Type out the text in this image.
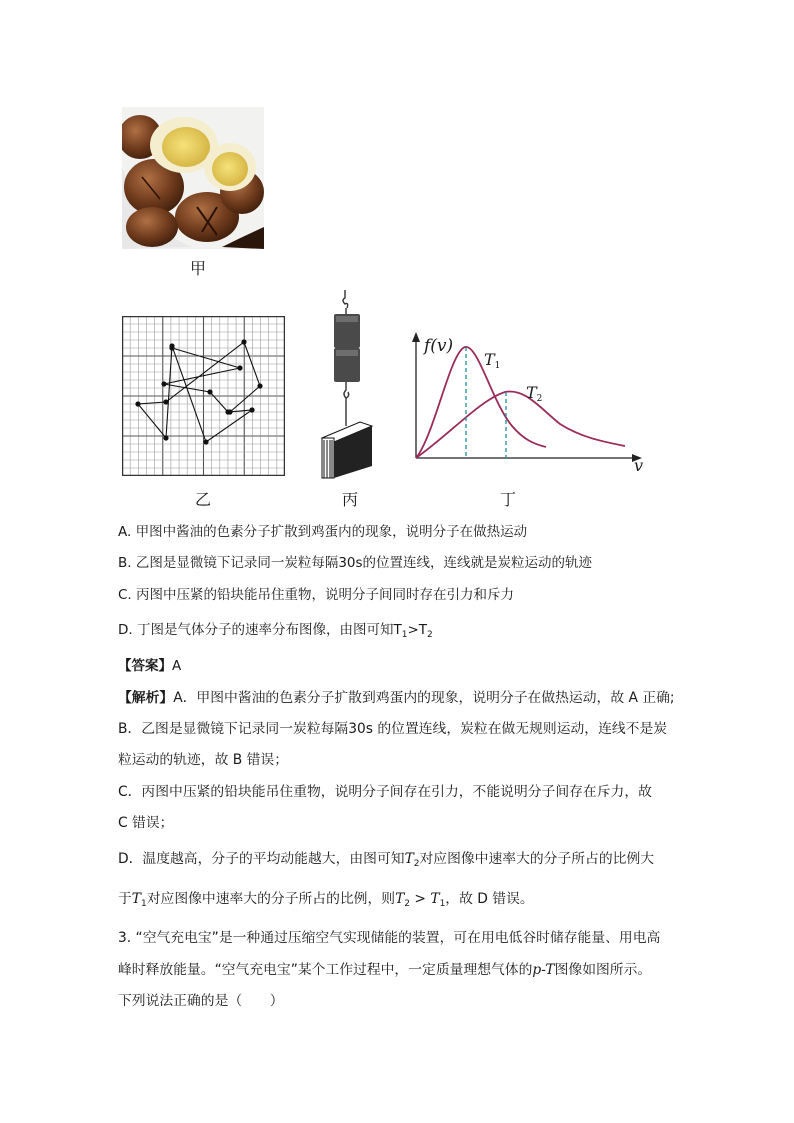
甲
乙	丙
f(v)
v
$T_1$
$T_2$
丁
A. 甲图中酱油的色素分子扩散到鸡蛋内的现象，说明分子在做热运动
B. 乙图是显微镜下记录同一炭粒每隔30s的位置连线，连线就是炭粒运动的轨迹
C. 丙图中压紧的铅块能吊住重物，说明分子间同时存在引力和斥力
D. 丁图是气体分子的速率分布图像，由图可知$T_1>T_2$
【答案】A
【解析】A．甲图中酱油的色素分子扩散到鸡蛋内的现象，说明分子在做热运动，故 A 正确;
B．乙图是显微镜下记录同一炭粒每隔30s 的位置连线，炭粒在做无规则运动，连线不是炭
粒运动的轨迹，故 B 错误；
C．丙图中压紧的铅块能吊住重物，说明分子间存在引力，不能说明分子间存在斥力，故
C 错误；
D．温度越高，分子的平均动能越大，由图可知$T_2$对应图像中速率大的分子所占的比例大
于$T_1$对应图像中速率大的分子所占的比例，则$T_2 > T_1$，故 D 错误。
3. “空气充电宝”是一种通过压缩空气实现储能的装置，可在用电低谷时储存能量、用电高
峰时释放能量。“空气充电宝”某个工作过程中，一定质量理想气体的p-T图像如图所示。
下列说法正确的是（　　）
